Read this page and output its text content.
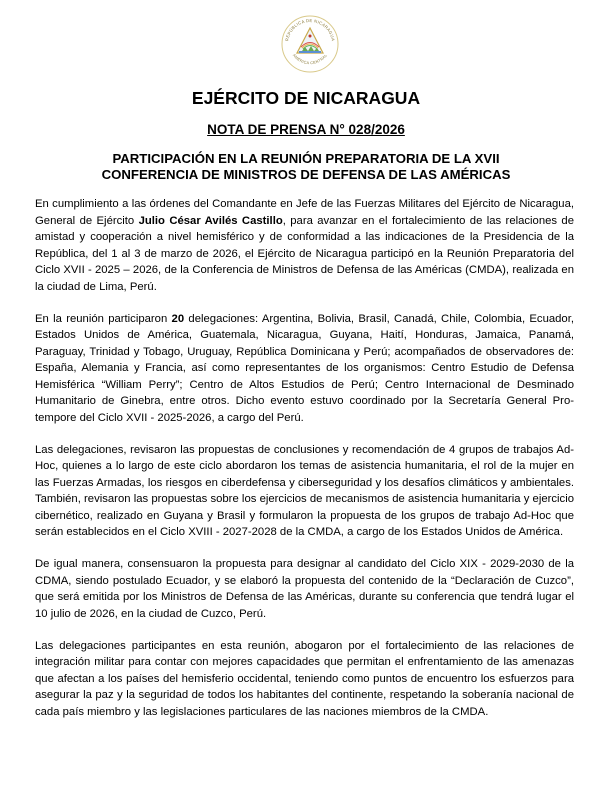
REPÚBLICA DE NICARAGUA
AMÉRICA CENTRAL
EJÉRCITO DE NICARAGUA
NOTA DE PRENSA N° 028/2026
PARTICIPACIÓN EN LA REUNIÓN PREPARATORIA DE LA XVII
CONFERENCIA DE MINISTROS DE DEFENSA DE LAS AMÉRICAS

En cumplimiento a las órdenes del Comandante en Jefe de las Fuerzas Militares del Ejército de Nicaragua, General de Ejército Julio César Avilés Castillo, para avanzar en el fortalecimiento de las relaciones de amistad y cooperación a nivel hemisférico y de conformidad a las indicaciones de la Presidencia de la República, del 1 al 3 de marzo de 2026, el Ejército de Nicaragua participó en la Reunión Preparatoria del Ciclo XVII - 2025 – 2026, de la Conferencia de Ministros de Defensa de las Américas (CMDA), realizada en la ciudad de Lima, Perú.

En la reunión participaron 20 delegaciones: Argentina, Bolivia, Brasil, Canadá, Chile, Colombia, Ecuador, Estados Unidos de América, Guatemala, Nicaragua, Guyana, Haití, Honduras, Jamaica, Panamá, Paraguay, Trinidad y Tobago, Uruguay, República Dominicana y Perú; acompañados de observadores de: España, Alemania y Francia, así como representantes de los organismos: Centro Estudio de Defensa Hemisférica “William Perry”; Centro de Altos Estudios de Perú; Centro Internacional de Desminado Humanitario de Ginebra, entre otros. Dicho evento estuvo coordinado por la Secretaría General Pro-tempore del Ciclo XVII - 2025-2026, a cargo del Perú.

Las delegaciones, revisaron las propuestas de conclusiones y recomendación de 4 grupos de trabajos Ad-Hoc, quienes a lo largo de este ciclo abordaron los temas de asistencia humanitaria, el rol de la mujer en las Fuerzas Armadas, los riesgos en ciberdefensa y ciberseguridad y los desafíos climáticos y ambientales. También, revisaron las propuestas sobre los ejercicios de mecanismos de asistencia humanitaria y ejercicio cibernético, realizado en Guyana y Brasil y formularon la propuesta de los grupos de trabajo Ad-Hoc que serán establecidos en el Ciclo XVIII - 2027-2028 de la CMDA, a cargo de los Estados Unidos de América.

De igual manera, consensuaron la propuesta para designar al candidato del Ciclo XIX - 2029-2030 de la CDMA, siendo postulado Ecuador, y se elaboró la propuesta del contenido de la “Declaración de Cuzco”, que será emitida por los Ministros de Defensa de las Américas, durante su conferencia que tendrá lugar el 10 julio de 2026, en la ciudad de Cuzco, Perú.

Las delegaciones participantes en esta reunión, abogaron por el fortalecimiento de las relaciones de integración militar para contar con mejores capacidades que permitan el enfrentamiento de las amenazas que afectan a los países del hemisferio occidental, teniendo como puntos de encuentro los esfuerzos para asegurar la paz y la seguridad de todos los habitantes del continente, respetando la soberanía nacional de cada país miembro y las legislaciones particulares de las naciones miembros de la CMDA.
